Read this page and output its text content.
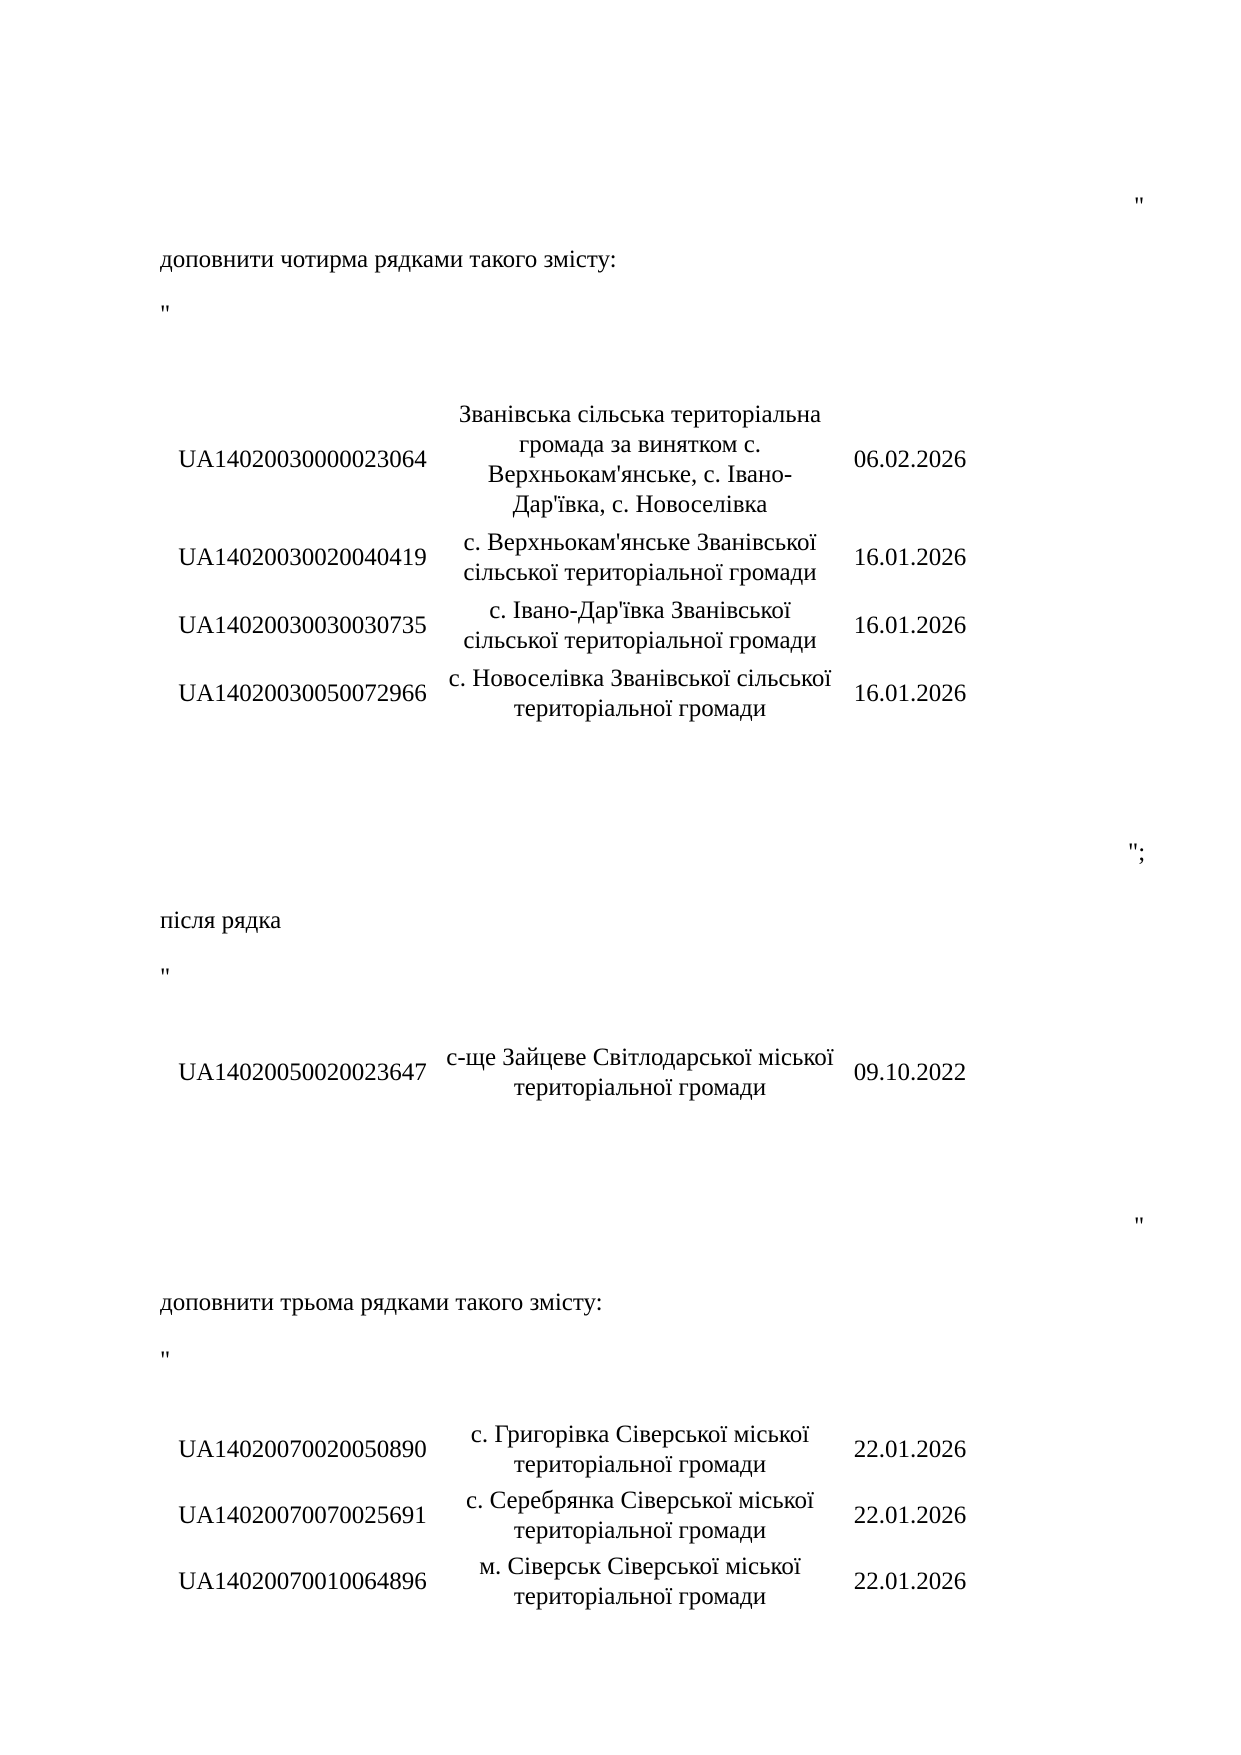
"
доповнити чотирма рядками такого змісту:
"
UA14020030000023064
Званівська сільська територіальна громада за винятком с. Верхньокам'янське, с. Івано-Дар'ївка, с. Новоселівка
06.02.2026
UA14020030020040419
с. Верхньокам'янське Званівської сільської територіальної громади
16.01.2026
UA14020030030030735
с. Івано-Дар'ївка Званівської сільської територіальної громади
16.01.2026
UA14020030050072966
с. Новоселівка Званівської сільської територіальної громади
16.01.2026
";
після рядка
"
UA14020050020023647
с-ще Зайцеве Світлодарської міської територіальної громади
09.10.2022
"
доповнити трьома рядками такого змісту:
"
UA14020070020050890
с. Григорівка Сіверської міської територіальної громади
22.01.2026
UA14020070070025691
с. Серебрянка Сіверської міської територіальної громади
22.01.2026
UA14020070010064896
м. Сіверськ Сіверської міської територіальної громади
22.01.2026
